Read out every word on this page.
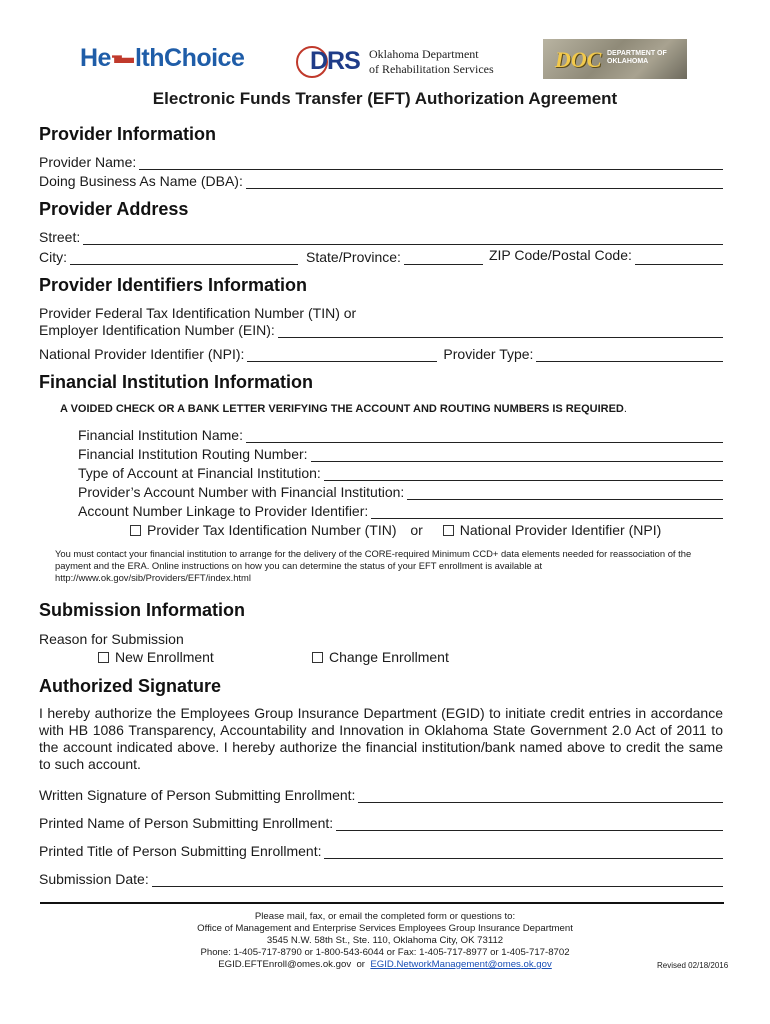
He lthChoice	DRS Oklahoma Department
of Rehabilitation Services	DOC DEPARTMENT OF
OKLAHOMA
Electronic Funds Transfer (EFT) Authorization Agreement
Provider Information
Provider Name:
Doing Business As Name (DBA):
Provider Address
Street:
City:	State/Province:	ZIP Code/Postal Code:
Provider Identifiers Information
Provider Federal Tax Identification Number (TIN) or
Employer Identification Number (EIN):
National Provider Identifier (NPI):	Provider Type:
Financial Institution Information
A VOIDED CHECK OR A BANK LETTER VERIFYING THE ACCOUNT AND ROUTING NUMBERS IS REQUIRED.
Financial Institution Name:
Financial Institution Routing Number:
Type of Account at Financial Institution:
Provider’s Account Number with Financial Institution:
Account Number Linkage to Provider Identifier:
Provider Tax Identification Number (TIN) or	National Provider Identifier (NPI)
You must contact your financial institution to arrange for the delivery of the CORE-required Minimum CCD+ data elements needed for reassociation of the payment and the ERA. Online instructions on how you can determine the status of your EFT enrollment is available at http://www.ok.gov/sib/Providers/EFT/index.html
Submission Information
Reason for Submission
New Enrollment	Change Enrollment
Authorized Signature
I hereby authorize the Employees Group Insurance Department (EGID) to initiate credit entries in accordance with HB 1086 Transparency, Accountability and Innovation in Oklahoma State Government 2.0 Act of 2011 to the account indicated above. I hereby authorize the financial institution/bank named above to credit the same to such account.
Written Signature of Person Submitting Enrollment:
Printed Name of Person Submitting Enrollment:
Printed Title of Person Submitting Enrollment:
Submission Date:
Please mail, fax, or email the completed form or questions to:
Office of Management and Enterprise Services Employees Group Insurance Department
3545 N.W. 58th St., Ste. 110, Oklahoma City, OK 73112
Phone: 1-405-717-8790 or 1-800-543-6044 or Fax: 1-405-717-8977 or 1-405-717-8702
EGID.EFTEnroll@omes.ok.gov or EGID.NetworkManagement@omes.ok.gov	Revised 02/18/2016
